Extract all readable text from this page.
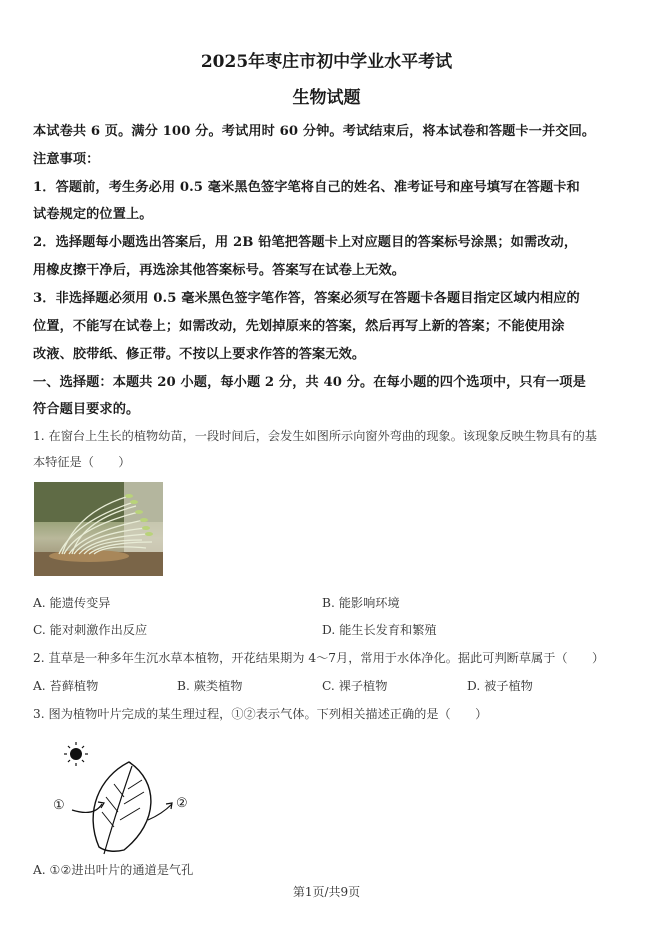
2025年枣庄市初中学业水平考试
生物试题
本试卷共 6 页。满分 100 分。考试用时 60 分钟。考试结束后，将本试卷和答题卡一并交回。
注意事项：
1．答题前，考生务必用 0.5 毫米黑色签字笔将自己的姓名、准考证号和座号填写在答题卡和
试卷规定的位置上。
2．选择题每小题选出答案后，用 2B 铅笔把答题卡上对应题目的答案标号涂黑；如需改动，
用橡皮擦干净后，再选涂其他答案标号。答案写在试卷上无效。
3．非选择题必须用 0.5 毫米黑色签字笔作答，答案必须写在答题卡各题目指定区域内相应的
位置，不能写在试卷上；如需改动，先划掉原来的答案，然后再写上新的答案；不能使用涂
改液、胶带纸、修正带。不按以上要求作答的答案无效。
一、选择题：本题共 20 小题，每小题 2 分，共 40 分。在每小题的四个选项中，只有一项是
符合题目要求的。
1. 在窗台上生长的植物幼苗，一段时间后，会发生如图所示向窗外弯曲的现象。该现象反映生物具有的基
本特征是（　　）
A. 能遗传变异	B. 能影响环境
C. 能对刺激作出反应	D. 能生长发育和繁殖
2. 苴草是一种多年生沉水草本植物，开花结果期为 4～7月，常用于水体净化。据此可判断草属于（　　）
A. 苔藓植物	B. 蕨类植物	C. 裸子植物	D. 被子植物
3. 图为植物叶片完成的某生理过程，①②表示气体。下列相关描述正确的是（　　）
①	②
A. ①②进出叶片的通道是气孔
第1页/共9页
